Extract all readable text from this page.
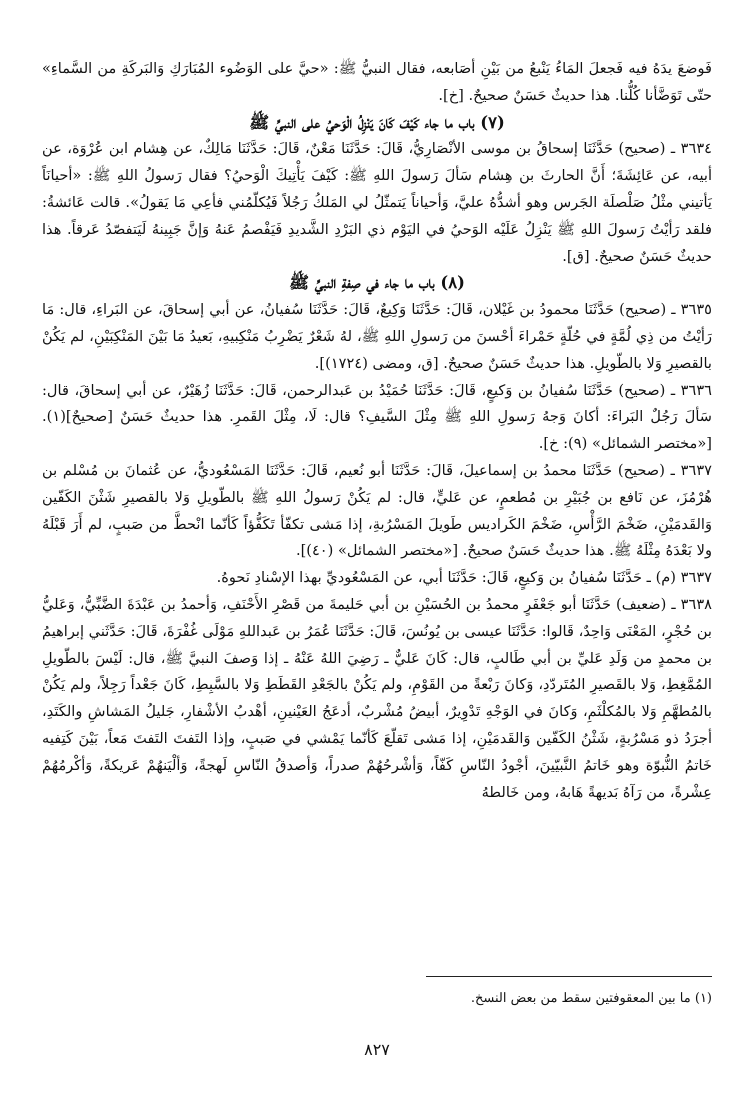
فَوضعَ يدَهُ فيه فَجعلَ المَاءُ يَنْبعُ من بَيْنِ أصَابعه، فقال النبيُّ ﷺ: «حيَّ على الوَضُوء المُبَارَكِ وَالبَركَةِ من السَّماءِ» حتّى تَوَضَّأنا كُلُّنا. هذا حديثٌ حَسَنٌ صحيحٌ. [خ].

(٧) باب ما جاء كَيْفَ كَانَ يَنْزِلُ الْوَحيُ على النبيِّ ﷺ

٣٦٣٤ ـ (صحيح) حَدَّثَنَا إسحاقُ بن موسى الأنْصَارِيُّ، قَالَ: حَدَّثَنَا مَعْنٌ، قَالَ: حَدَّثَنَا مَالِكٌ، عن هِشام ابن عُرْوَة، عن أبيه، عن عَائِشَةَ؛ أَنَّ الحارثَ بن هِشام سَألَ رَسولَ اللهِ ﷺ: كَيْفَ يَأْتِيكَ الْوَحيُ؟ فقال رَسولُ اللهِ ﷺ: «أحيانَاً يَأتيني مثْلُ صَلْصلَة الجَرس وهو أشدُّهُ عليَّ، وَأحياناً يَتمثّلُ لي المَلكُ رَجُلاً فَيُكلّمُني فأعِي مَا يَقولُ». قالت عَائشةُ: فلقد رَأيْتُ رَسولَ اللهِ ﷺ يَنْزِلُ عَلَيْه الوَحيُ في اليَوْم ذي البَرْدِ الشَّديدِ فَيَفْصمُ عَنهُ وَإنَّ جَبِينهُ لَيَتفصّدُ عَرقاً. هذا حديثٌ حَسَنٌ صحيحٌ. [ق].

(٨) باب ما جاء في صِفةِ النبيِّ ﷺ

٣٦٣٥ ـ (صحيح) حَدَّثَنَا محمودُ بن غَيْلان، قَالَ: حَدَّثَنَا وَكِيعٌ، قَالَ: حَدَّثَنَا سُفيانُ، عن أبي إسحاقَ، عن البَراءِ، قال: مَا رَأيْتُ من ذِي لُمَّةٍ في حُلّةٍ حَمْراءَ أحْسنَ من رَسولِ اللهِ ﷺ، لهُ شَعْرٌ يَضْرِبُ مَنْكِبيهِ، بَعيدُ مَا بَيْنَ المَنْكِبَيْنِ، لم يَكُنْ بالقصيرِ وَلا بالطّويلِ. هذا حديثٌ حَسَنٌ صحيحٌ. [ق، ومضى (١٧٢٤)].

٣٦٣٦ ـ (صحيح) حَدَّثَنَا سُفيانُ بن وَكيعٍ، قَالَ: حَدَّثَنَا حُمَيْدُ بن عَبدالرحمن، قَالَ: حَدَّثَنَا زُهَيْرٌ، عن أبي إسحاقَ، قال: سَألَ رَجُلٌ البَراءَ: أكانَ وَجهُ رَسولِ اللهِ ﷺ مِثْلَ السَّيفِ؟ قال: لَا، مِثْلَ القَمرِ. هذا حديثٌ حَسَنٌ [صحيحٌ](١). [«مختصر الشمائل» (٩): خ].

٣٦٣٧ ـ (صحيح) حَدَّثَنَا محمدُ بن إسماعيلَ، قَالَ: حَدَّثَنَا أبو نُعيم، قَالَ: حَدَّثَنَا المَسْعُوديُّ، عن عُثمانَ بن مُسْلم بن هُرْمُزَ، عن نَافع بن جُبَيْرِ بن مُطعمٍ، عن عَليٍّ، قال: لم يَكُنْ رَسولُ اللهِ ﷺ بالطّويلِ وَلا بالقصيرِ شَثْنَ الكَفّين وَالقَدمَيْنِ، ضَخْمَ الرَّأْسِ، ضَخْمَ الكَراديس طَويلَ المَسْرُبةِ، إذا مَشى تكفّأ تَكَفُّؤاً كَأنّما انْحطَّ من صَببٍ، لم أَرَ قَبْلَهُ ولا بَعْدَهُ مِثْلَهُ ﷺ. هذا حديثٌ حَسَنٌ صحيحٌ. [«مختصر الشمائل» (٤٠)].

٣٦٣٧ (م) ـ حَدَّثَنَا سُفيانُ بن وَكيعٍ، قَالَ: حَدَّثَنَا أبي، عن المَسْعُوديِّ بهذا الإسْنادِ نَحوهُ.

٣٦٣٨ ـ (ضعيف) حَدَّثَنَا أبو جَعْفَرٍ محمدُ بن الحُسَيْنِ بن أبي حَليمةَ من قَصْرِ الأَحْنَفِ، وَأحمدُ بن عَبْدَةَ الضَّبِّيُّ، وَعَليُّ بن حُجْرٍ، المَعْنَى وَاحِدٌ، قَالوا: حَدَّثَنَا عيسى بن يُونُسَ، قَالَ: حَدَّثَنَا عُمَرُ بن عَبداللهِ مَوْلَى غُفْرَةَ، قَالَ: حَدَّثَني إبراهيمُ بن محمدٍ من وَلَدِ عَليِّ بن أبي طَالبٍ، قال: كَانَ عَليٌّ ـ رَضِيَ اللهُ عَنْهُ ـ إذا وَصفَ النبيَّ ﷺ، قال: لَيْسَ بالطّويلِ المُمَّغِطِ، وَلا بالقَصيرِ المُتَردّدِ، وَكانَ رَبْعةً من القَوْمِ، ولم يَكُنْ بالجَعْدِ القَطَطِ وَلا بالسَّبِطِ، كَانَ جَعْداً رَجِلاً، ولم يَكُنْ بالمُطهَّمِ وَلا بالمُكلْثَمِ، وَكانَ في الوَجْهِ تَدْوِيرٌ، أبيضُ مُشْربٌ، أدعَجُ العَيْنينِ، أهْدبُ الأشْفارِ، جَليلُ المَشاشِ والكَتَدِ، أجرَدُ ذو مَسْرُبةٍ، شَثْنُ الكَفّين وَالقَدمَيْنِ، إذا مَشى تَقلّعَ كَأنّما يَمْشي في صَببٍ، وإذا التَفتَ التَفتَ مَعاً، بَيْنَ كَتِفيه خَاتمُ النُّبوّة وهو خَاتمُ النَّبيّينَ، أجْودُ النّاسِ كَفّاً، وَأشْرحُهُمْ صدراً، وَأصدقُ النّاسِ لَهجةً، وَألْيَنهُمْ عَريكةً، وَأكْرمُهُمْ عِشْرةً، من رَآهُ بَديهةً هَابهُ، ومن خَالطهُ

(١) ما بين المعقوفتين سقط من بعض النسخ.
٨٢٧
